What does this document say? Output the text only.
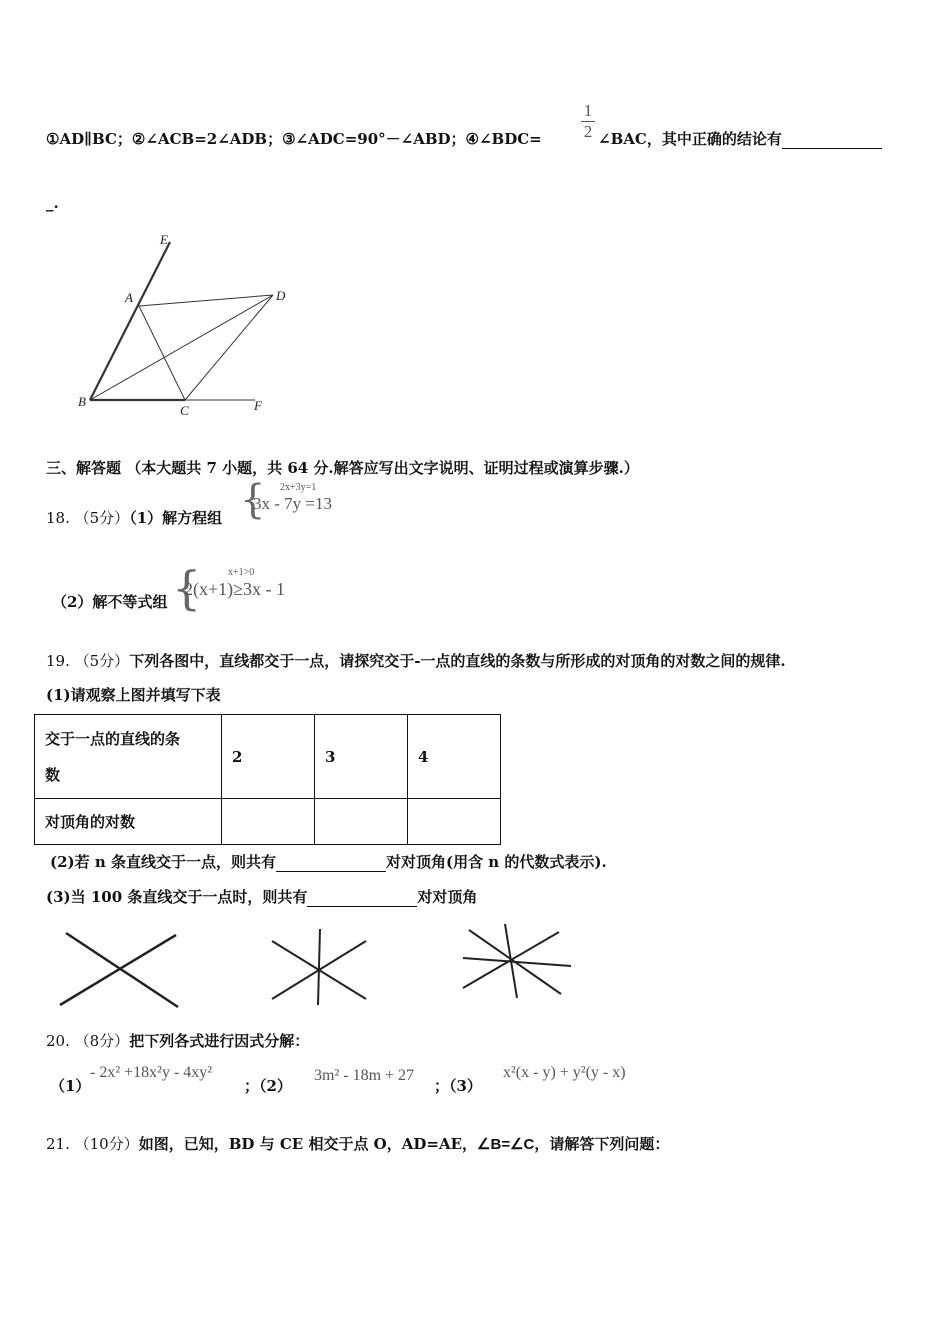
①AD∥BC；②∠ACB=2∠ADB；③∠ADC=90°－∠ABD；④∠BDC=
1
2 ∠BAC，其中正确的结论有
_.
E
A	D
B
C	F
三、解答题 （本大题共 7 小题，共 64 分.解答应写出文字说明、证明过程或演算步骤.）
18. （5分）（1）解方程组 { 2x+3y=1
3x - 7y =13
（2）解不等式组 {	x+1>0
2(x+1)≥3x - 1
19. （5分）下列各图中，直线都交于一点，请探究交于-一点的直线的条数与所形成的对顶角的对数之间的规律.
(1)请观察上图并填写下表
交于一点的直线的条
数	2	3	4
对顶角的对数			
(2)若 n 条直线交于一点，则共有	对对顶角(用含 n 的代数式表示).
(3)当 100 条直线交于一点时，则共有	对对顶角
20. （8分）把下列各式进行因式分解：
（1）
- 2x² +18x²y - 4xy²
；（2）
3m² - 18m + 27
；（3）
x²(x - y) + y²(y - x)
21. （10分）如图，已知，BD 与 CE 相交于点 O，AD=AE，∠B=∠C，请解答下列问题：
